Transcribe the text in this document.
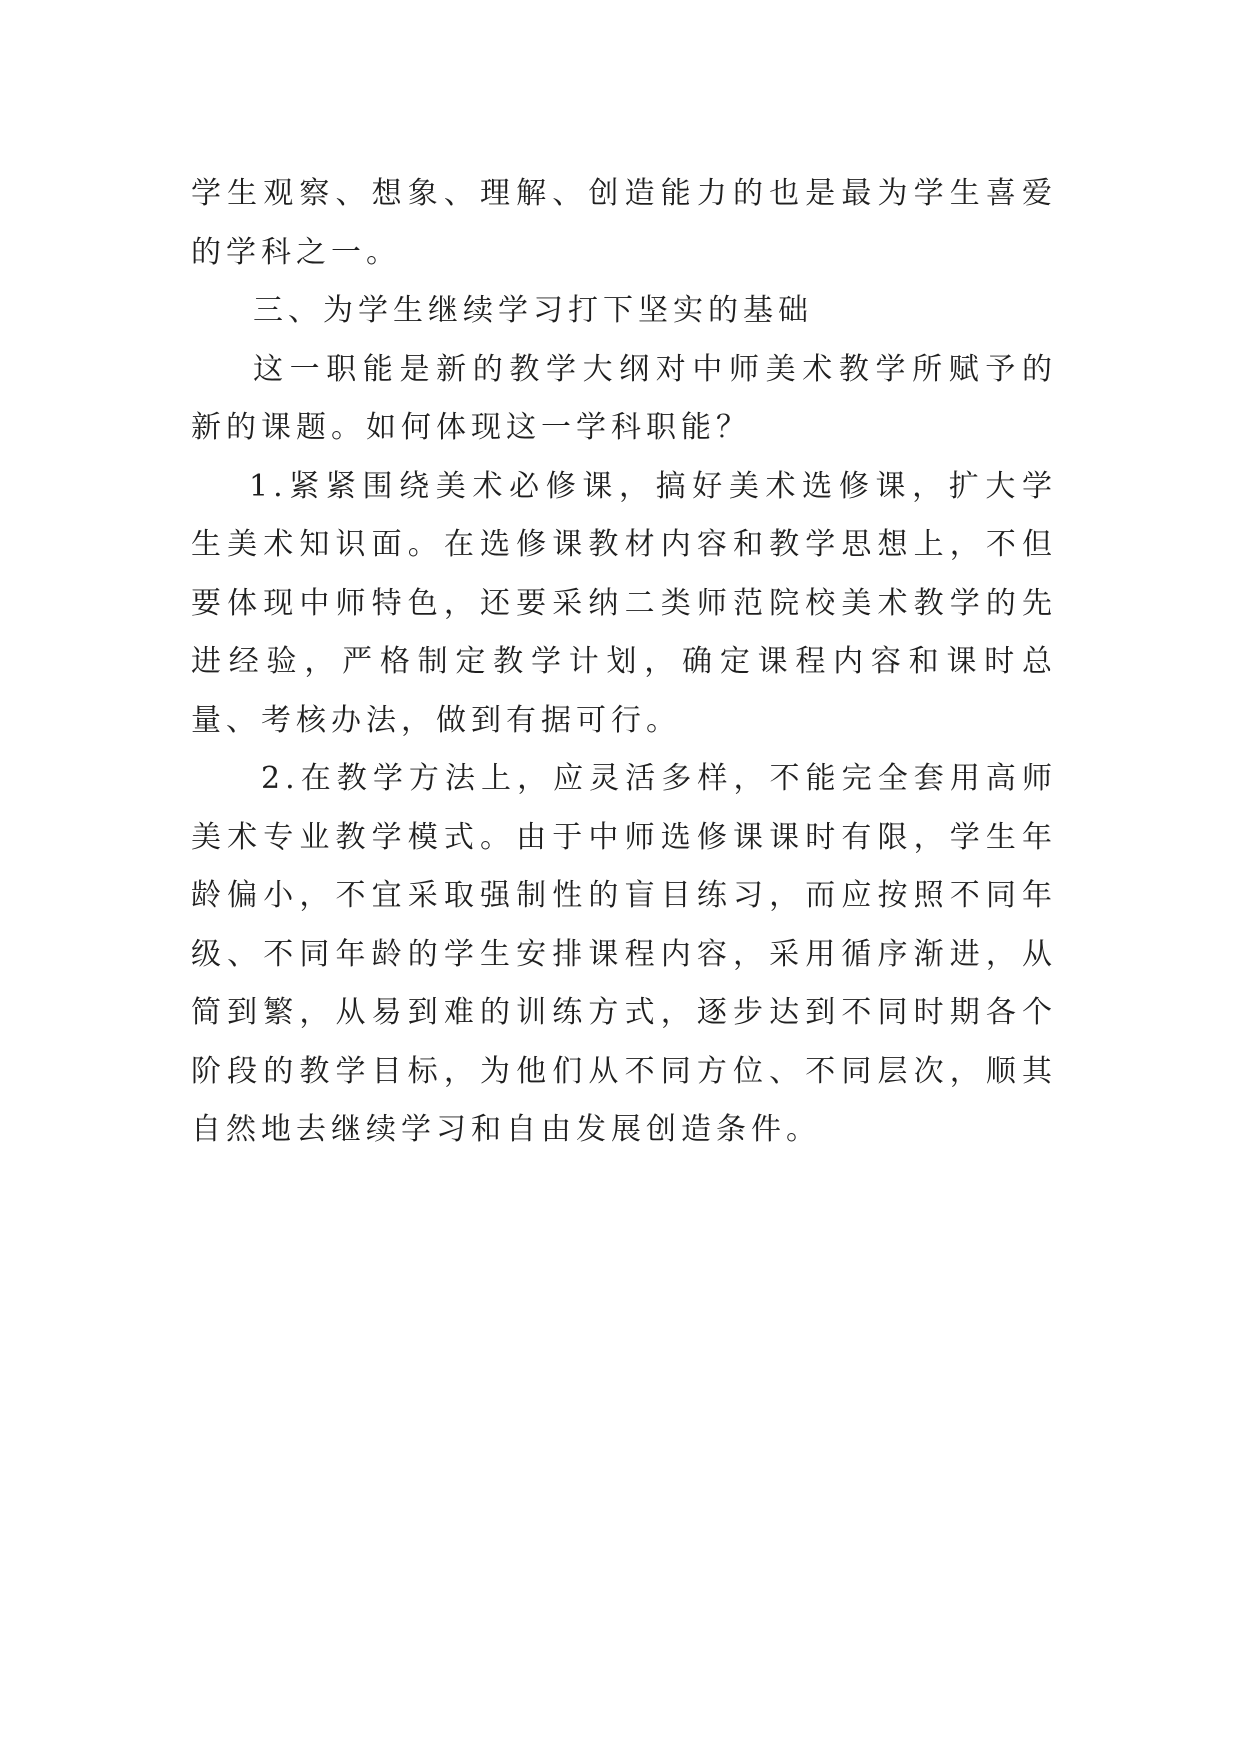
学生观察、想象、理解、创造能力的也是最为学生喜爱的学科之一。

三、为学生继续学习打下坚实的基础

这一职能是新的教学大纲对中师美术教学所赋予的新的课题。如何体现这一学科职能？

1.紧紧围绕美术必修课，搞好美术选修课，扩大学生美术知识面。在选修课教材内容和教学思想上，不但要体现中师特色，还要采纳二类师范院校美术教学的先进经验，严格制定教学计划，确定课程内容和课时总量、考核办法，做到有据可行。

2.在教学方法上，应灵活多样，不能完全套用高师美术专业教学模式。由于中师选修课课时有限，学生年龄偏小，不宜采取强制性的盲目练习，而应按照不同年级、不同年龄的学生安排课程内容，采用循序渐进，从简到繁，从易到难的训练方式，逐步达到不同时期各个阶段的教学目标，为他们从不同方位、不同层次，顺其自然地去继续学习和自由发展创造条件。
